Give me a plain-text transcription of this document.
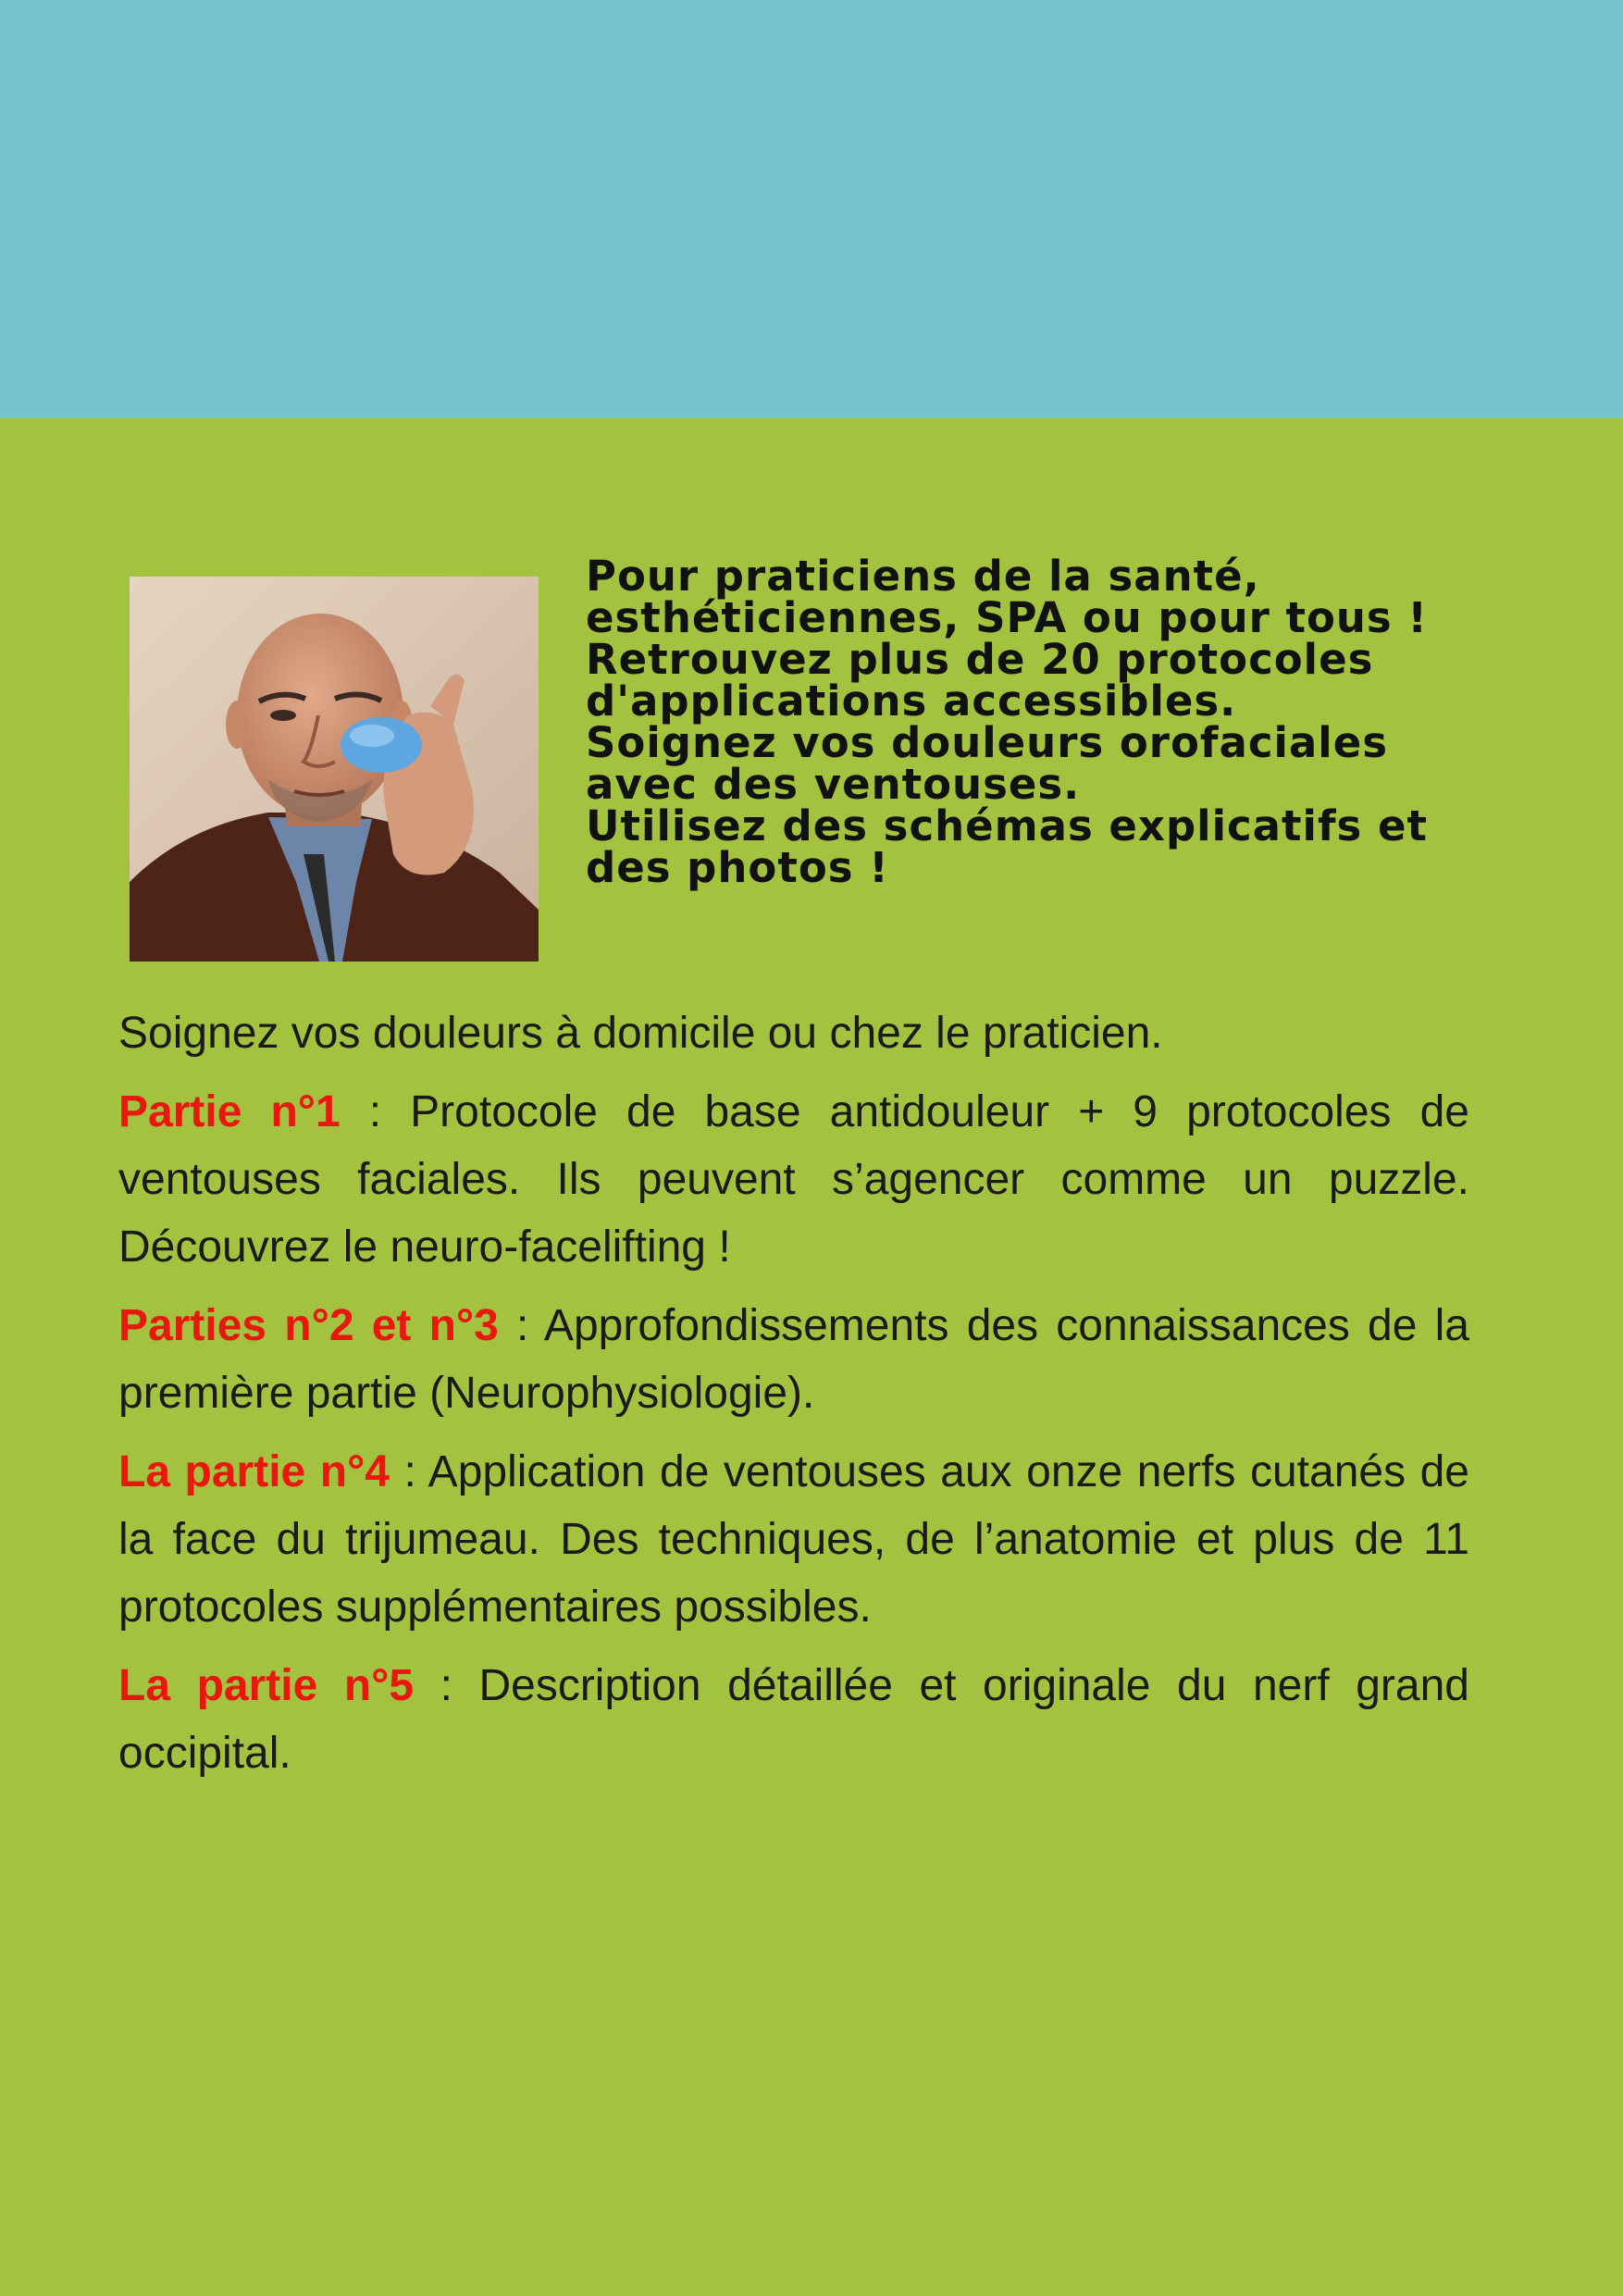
Pour praticiens de la santé,
esthéticiennes, SPA ou pour tous !
Retrouvez plus de 20 protocoles
d'applications accessibles.
Soignez vos douleurs orofaciales
avec des ventouses.
Utilisez des schémas explicatifs et
des photos !

Soignez vos douleurs à domicile ou chez le praticien.

Partie n°1 : Protocole de base antidouleur + 9 protocoles de ventouses faciales. Ils peuvent s’agencer comme un puzzle. Découvrez le neuro-facelifting !

Parties n°2 et n°3 : Approfondissements des connaissances de la première partie (Neurophysiologie).

La partie n°4 : Application de ventouses aux onze nerfs cutanés de la face du trijumeau. Des techniques, de l’anatomie et plus de 11 protocoles supplémentaires possibles.

La partie n°5 : Description détaillée et originale du nerf grand occipital.
